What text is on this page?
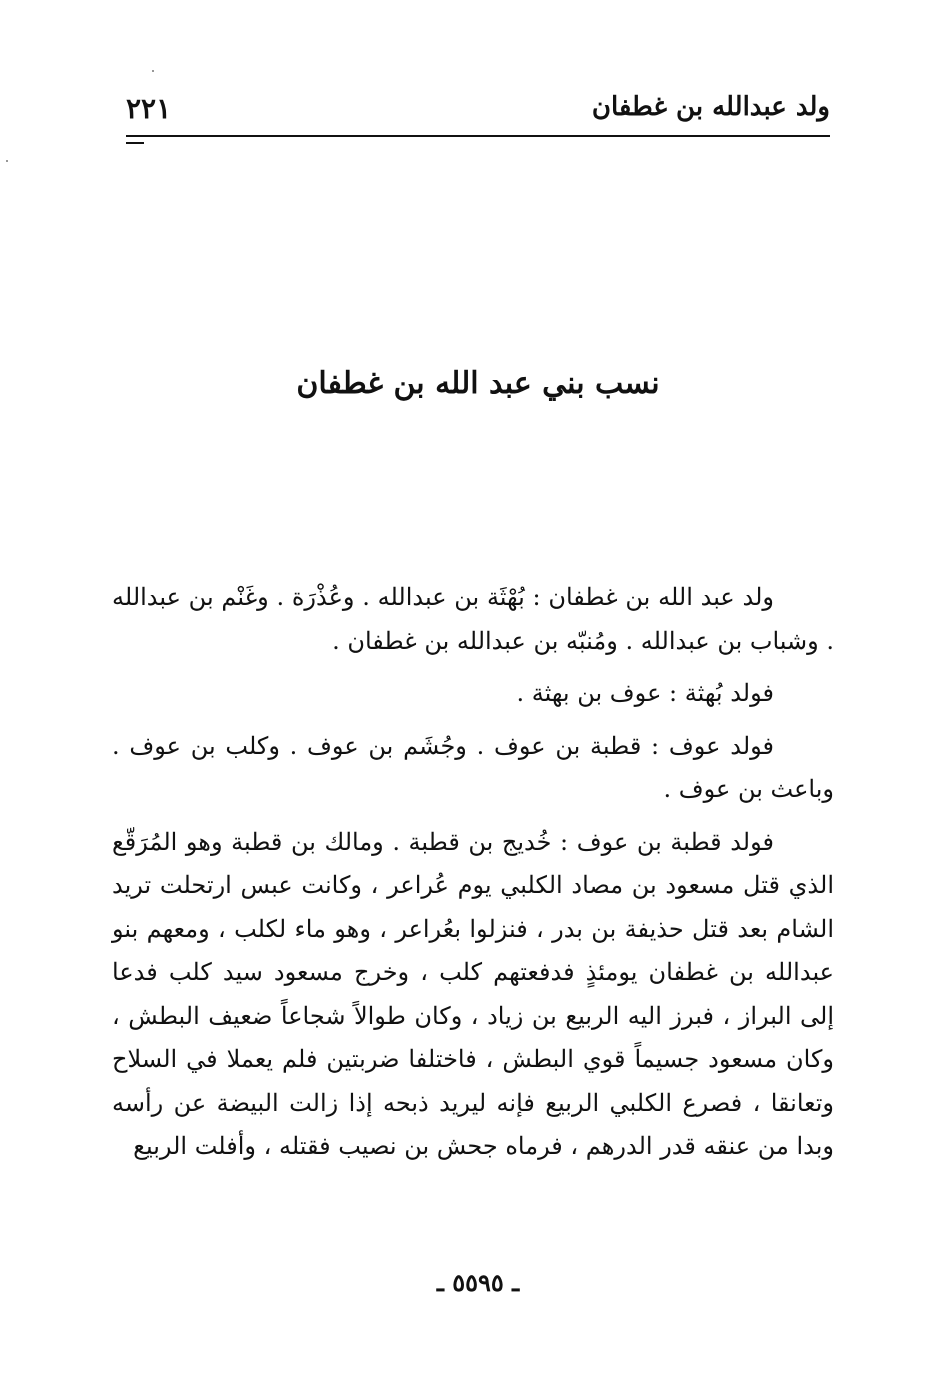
ولد عبدالله بن غطفان
٢٢١
نسب بني عبد الله بن غطفان

ولد عبد الله بن غطفان : بُهْثَة بن عبدالله . وعُذْرَة . وغَنْم بن عبدالله . وشباب بن عبدالله . ومُنبّه بن عبدالله بن غطفان .

فولد بُهثة : عوف بن بهثة .

فولد عوف : قطبة بن عوف . وجُشَم بن عوف . وكلب بن عوف . وباعث بن عوف .

فولد قطبة بن عوف : خُديج بن قطبة . ومالك بن قطبة وهو المُرَقّع الذي قتل مسعود بن مصاد الكلبي يوم عُراعر ، وكانت عبس ارتحلت تريد الشام بعد قتل حذيفة بن بدر ، فنزلوا بعُراعر ، وهو ماء لكلب ، ومعهم بنو عبدالله بن غطفان يومئذٍ فدفعتهم كلب ، وخرج مسعود سيد كلب فدعا إلى البراز ، فبرز اليه الربيع بن زياد ، وكان طوالاً شجاعاً ضعيف البطش ، وكان مسعود جسيماً قوي البطش ، فاختلفا ضربتين فلم يعملا في السلاح وتعانقا ، فصرع الكلبي الربيع فإنه ليريد ذبحه إذا زالت البيضة عن رأسه وبدا من عنقه قدر الدرهم ، فرماه جحش بن نصيب فقتله ، وأفلت الربيع

ـ ٥٥٩٥ ـ
